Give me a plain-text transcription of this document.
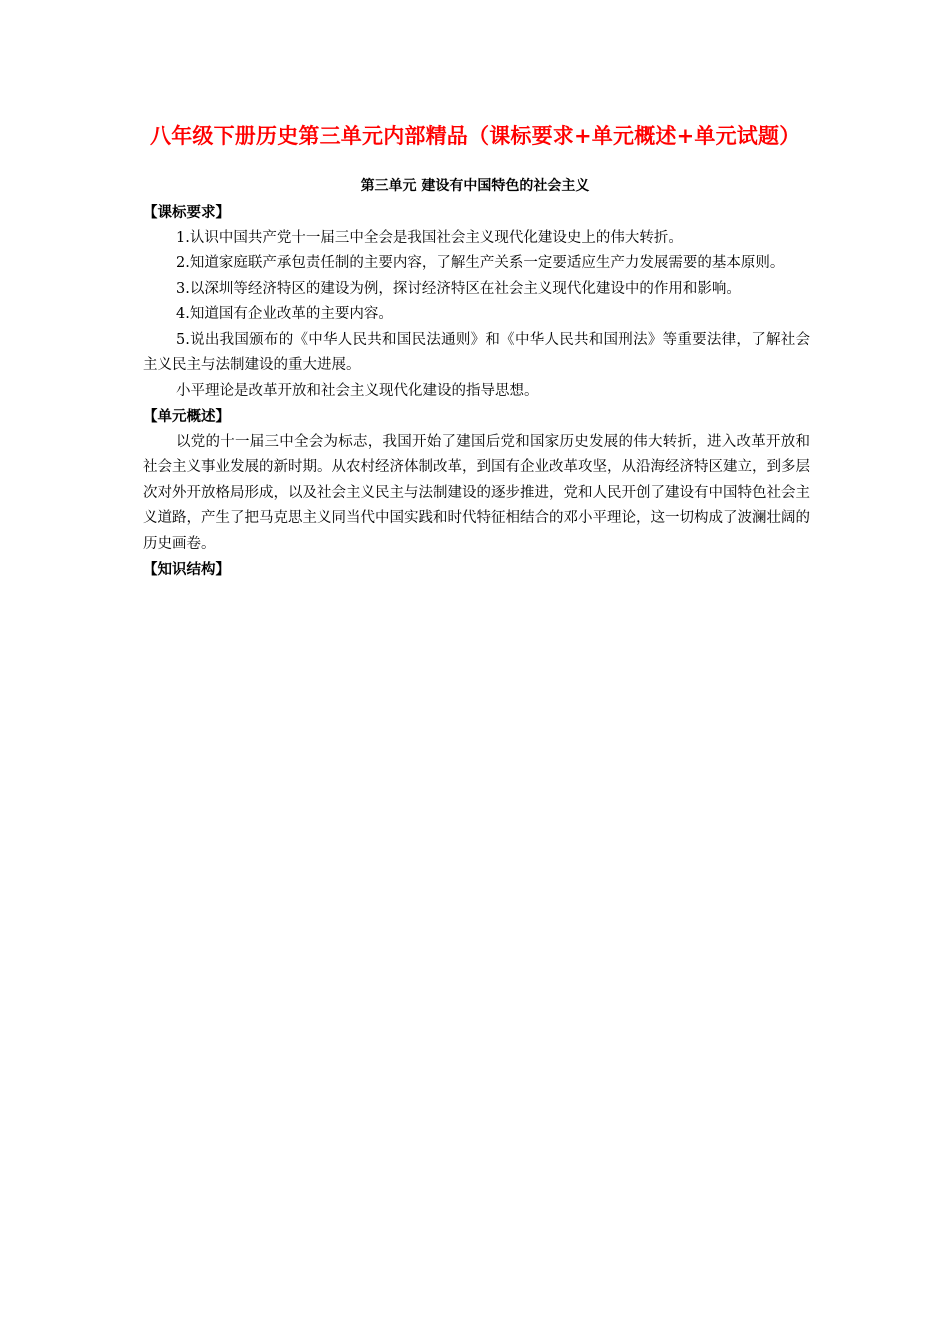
八年级下册历史第三单元内部精品（课标要求+单元概述+单元试题）
第三单元 建设有中国特色的社会主义

【课标要求】

1.认识中国共产党十一届三中全会是我国社会主义现代化建设史上的伟大转折。

2.知道家庭联产承包责任制的主要内容，了解生产关系一定要适应生产力发展需要的基本原则。

3.以深圳等经济特区的建设为例，探讨经济特区在社会主义现代化建设中的作用和影响。

4.知道国有企业改革的主要内容。

5.说出我国颁布的《中华人民共和国民法通则》和《中华人民共和国刑法》等重要法律，了解社会主义民主与法制建设的重大进展。

小平理论是改革开放和社会主义现代化建设的指导思想。

【单元概述】

以党的十一届三中全会为标志，我国开始了建国后党和国家历史发展的伟大转折，进入改革开放和社会主义事业发展的新时期。从农村经济体制改革，到国有企业改革攻坚，从沿海经济特区建立，到多层次对外开放格局形成，以及社会主义民主与法制建设的逐步推进，党和人民开创了建设有中国特色社会主义道路，产生了把马克思主义同当代中国实践和时代特征相结合的邓小平理论，这一切构成了波澜壮阔的历史画卷。

【知识结构】
